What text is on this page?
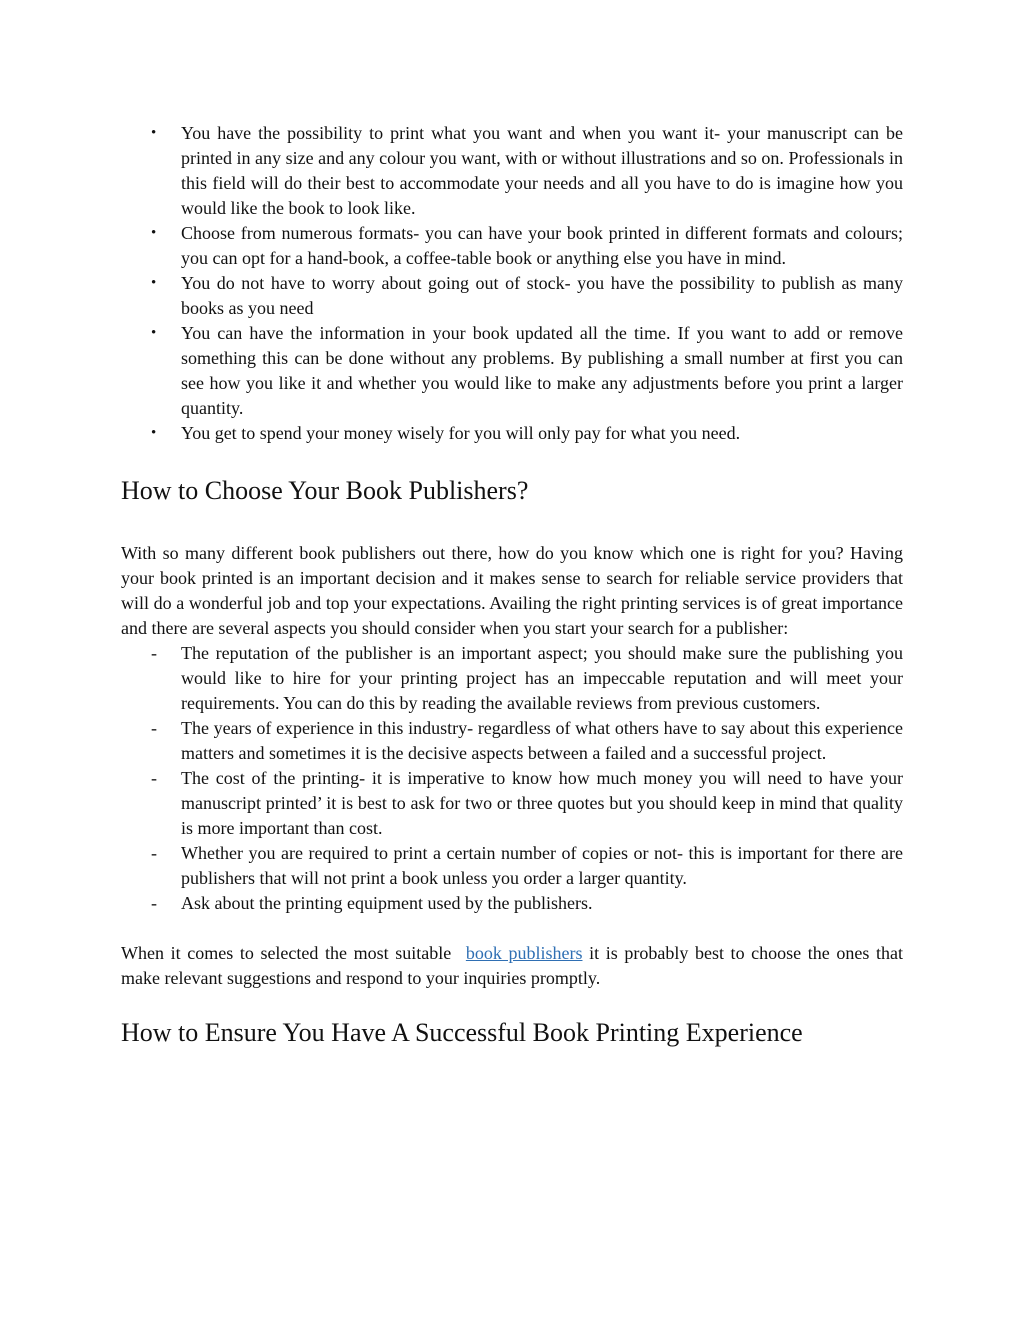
• You have the possibility to print what you want and when you want it- your manuscript can be printed in any size and any colour you want, with or without illustrations and so on. Professionals in this field will do their best to accommodate your needs and all you have to do is imagine how you would like the book to look like.
• Choose from numerous formats- you can have your book printed in different formats and colours; you can opt for a hand-book, a coffee-table book or anything else you have in mind.
• You do not have to worry about going out of stock- you have the possibility to publish as many books as you need
• You can have the information in your book updated all the time. If you want to add or remove something this can be done without any problems. By publishing a small number at first you can see how you like it and whether you would like to make any adjustments before you print a larger quantity.
• You get to spend your money wisely for you will only pay for what you need.
How to Choose Your Book Publishers?

With so many different book publishers out there, how do you know which one is right for you? Having your book printed is an important decision and it makes sense to search for reliable service providers that will do a wonderful job and top your expectations. Availing the right printing services is of great importance and there are several aspects you should consider when you start your search for a publisher:

- The reputation of the publisher is an important aspect; you should make sure the publishing you would like to hire for your printing project has an impeccable reputation and will meet your requirements. You can do this by reading the available reviews from previous customers.
- The years of experience in this industry- regardless of what others have to say about this experience matters and sometimes it is the decisive aspects between a failed and a successful project.
- The cost of the printing- it is imperative to know how much money you will need to have your manuscript printed’ it is best to ask for two or three quotes but you should keep in mind that quality is more important than cost.
- Whether you are required to print a certain number of copies or not- this is important for there are publishers that will not print a book unless you order a larger quantity.
- Ask about the printing equipment used by the publishers.

When it comes to selected the most suitable book publishers it is probably best to choose the ones that make relevant suggestions and respond to your inquiries promptly.

How to Ensure You Have A Successful Book Printing Experience
